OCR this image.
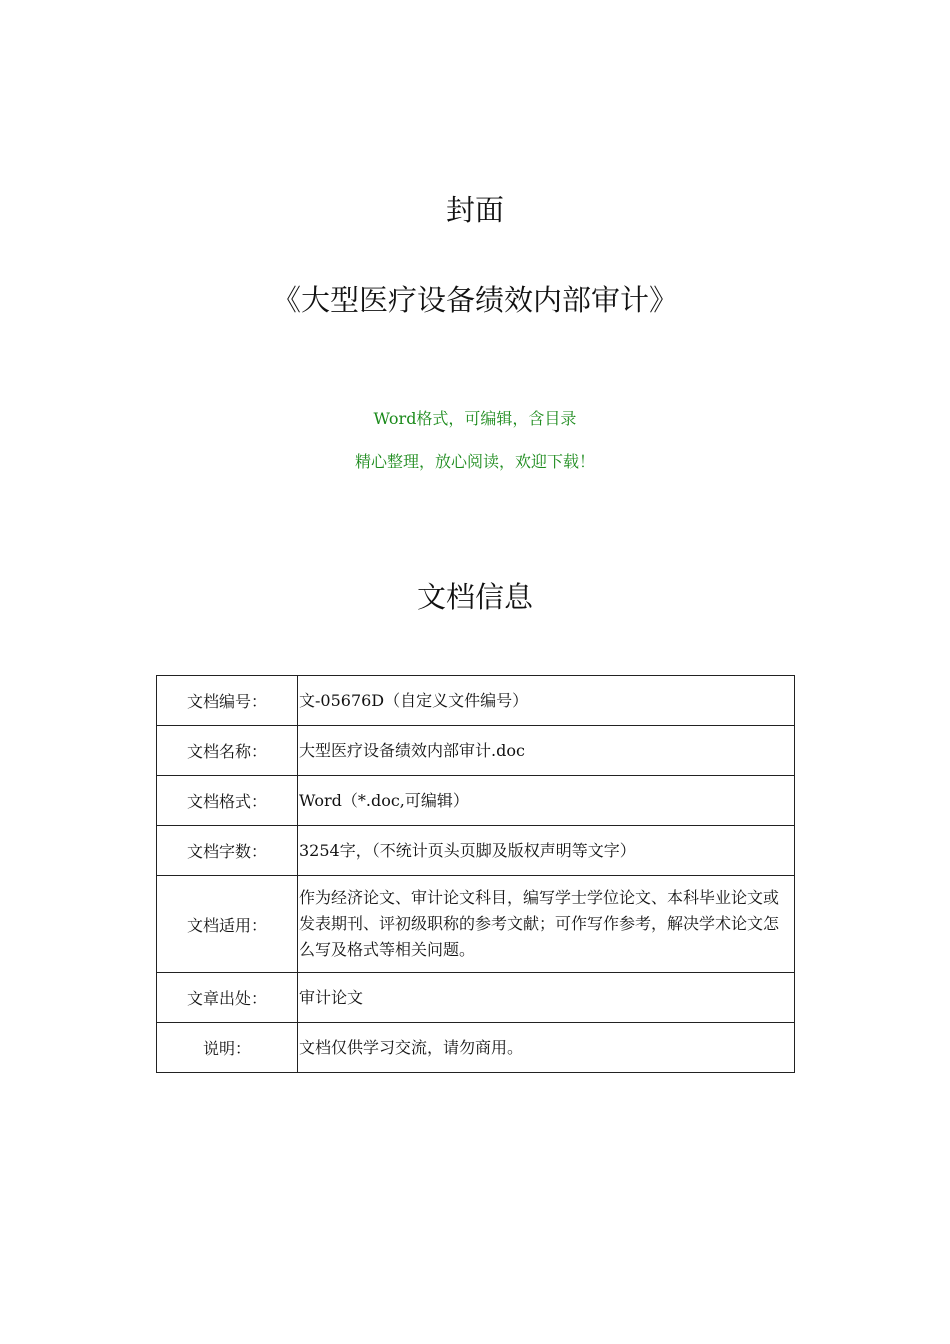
封面
《大型医疗设备绩效内部审计》
Word格式，可编辑，含目录
精心整理，放心阅读，欢迎下载！
文档信息
文档编号：	文-05676D（自定义文件编号）
文档名称：	大型医疗设备绩效内部审计.doc
文档格式：	Word（*.doc,可编辑）
文档字数：	3254字，（不统计页头页脚及版权声明等文字）
文档适用：	作为经济论文、审计论文科目，编写学士学位论文、本科毕业论文或发表期刊、评初级职称的参考文献；可作写作参考，解决学术论文怎么写及格式等相关问题。
文章出处：	审计论文
说明：	文档仅供学习交流，请勿商用。
